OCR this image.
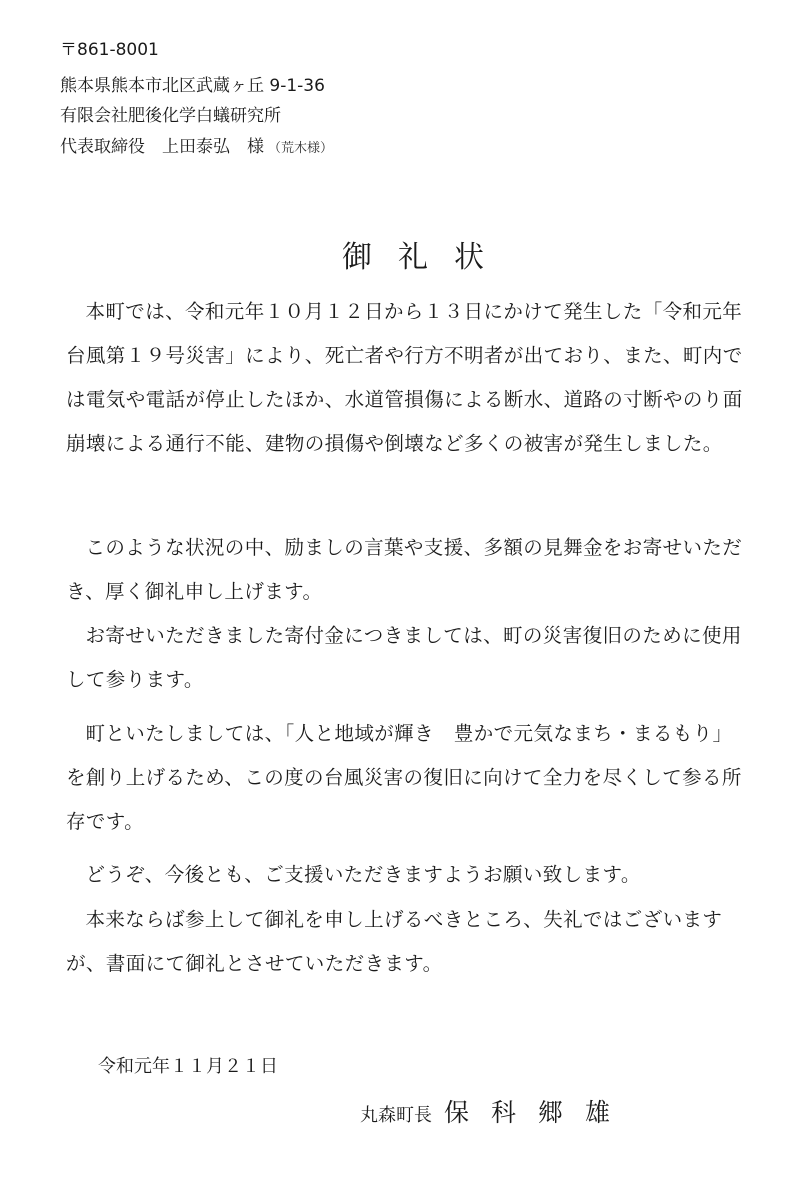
〒861-8001
熊本県熊本市北区武蔵ヶ丘 9-1-36
有限会社肥後化学白蟻研究所
代表取締役　上田泰弘　様 （荒木様）
御礼状

本町では、令和元年１０月１２日から１３日にかけて発生した「令和元年台風第１９号災害」により、死亡者や行方不明者が出ており、また、町内では電気や電話が停止したほか、水道管損傷による断水、道路の寸断やのり面崩壊による通行不能、建物の損傷や倒壊など多くの被害が発生しました。

このような状況の中、励ましの言葉や支援、多額の見舞金をお寄せいただき、厚く御礼申し上げます。

お寄せいただきました寄付金につきましては、町の災害復旧のために使用して参ります。

町といたしましては、「人と地域が輝き　豊かで元気なまち・まるもり」を創り上げるため、この度の台風災害の復旧に向けて全力を尽くして参る所存です。

どうぞ、今後とも、ご支援いただきますようお願い致します。

本来ならば参上して御礼を申し上げるべきところ、失礼ではございますが、書面にて御礼とさせていただきます。

令和元年１１月２１日
丸森町長 保科郷雄
